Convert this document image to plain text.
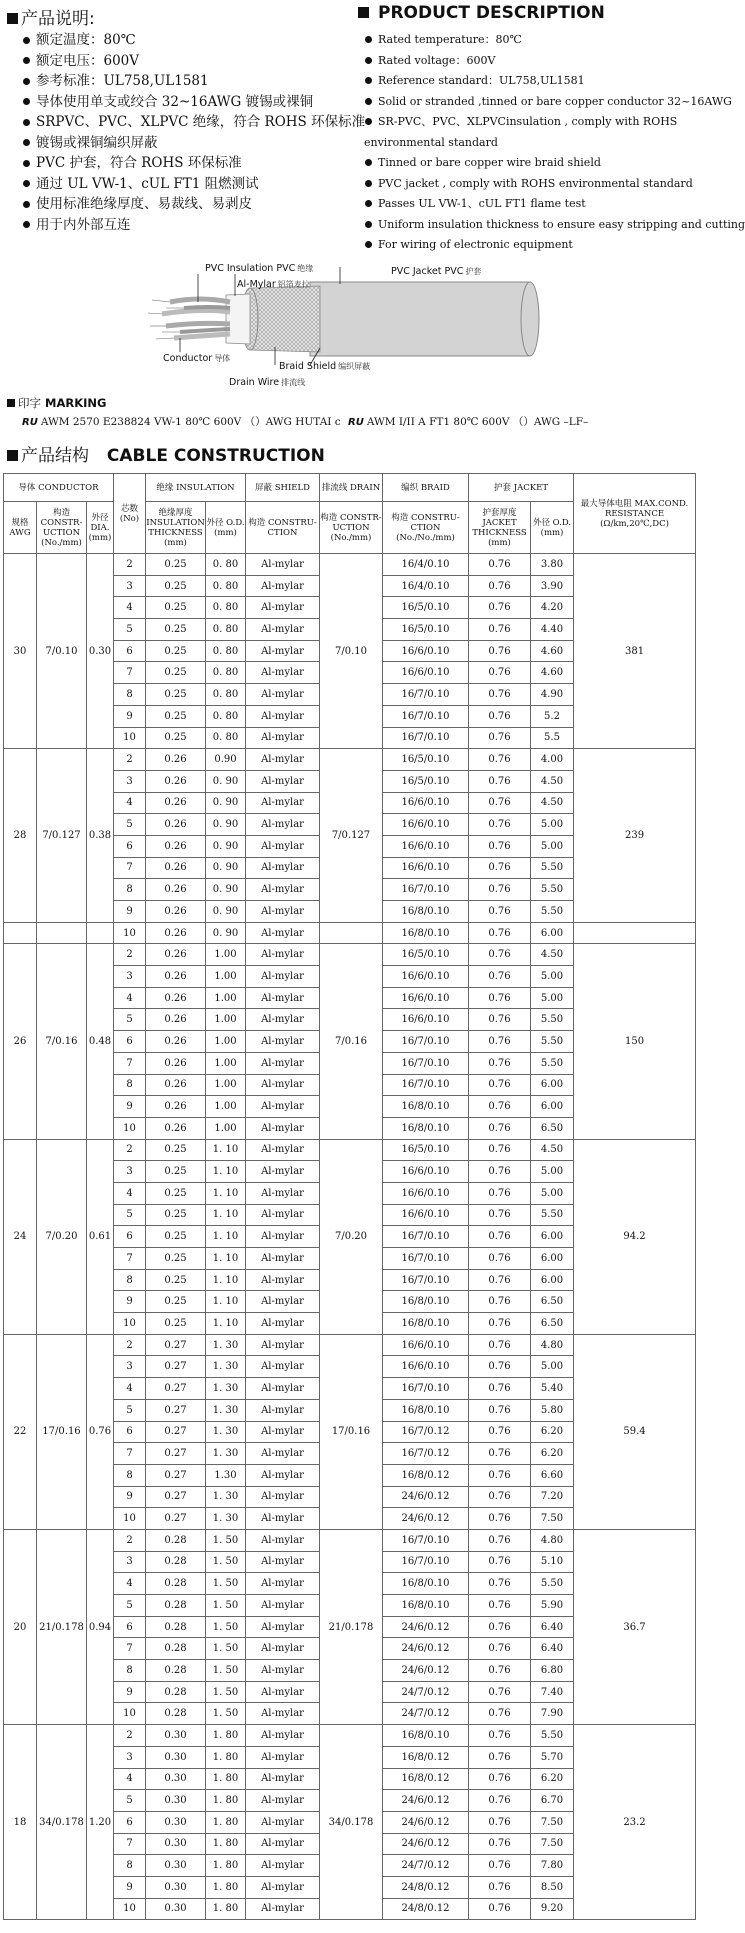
产品说明:
额定温度：80℃
额定电压：600V
参考标准：UL758,UL1581
导体使用单支或绞合 32~16AWG 镀锡或裸铜
SRPVC、PVC、XLPVC 绝缘，符合 ROHS 环保标准
镀锡或裸铜编织屏蔽
PVC 护套，符合 ROHS 环保标准
通过 UL VW-1、cUL FT1 阻燃测试
使用标准绝缘厚度、易裁线、易剥皮
用于内外部互连
PRODUCT DESCRIPTION
Rated temperature：80℃
Rated voltage：600V
Reference standard：UL758,UL1581
Solid or stranded ,tinned or bare copper conductor 32~16AWG
SR-PVC、PVC、XLPVCinsulation , comply with ROHS environmental standard
Tinned or bare copper wire braid shield
PVC jacket , comply with ROHS environmental standard
Passes UL VW-1、cUL FT1 flame test
Uniform insulation thickness to ensure easy stripping and cutting
For wiring of electronic equipment
PVC Insulation PVC 绝缘
Al-Mylar 铝箔麦拉
PVC Jacket PVC 护套
Conductor 导体
Braid Shield 编织屏蔽
Drain Wire 排流线
印字 MARKING
RU AWM 2570 E238824 VW-1 80℃ 600V （）AWG HUTAI c RU AWM I/II A FT1 80℃ 600V （）AWG –LF–
产品结构 CABLE CONSTRUCTION
导体 CONDUCTOR			芯数 (No)	绝缘 INSULATION		屏蔽 SHIELD	排流线 DRAIN	编织 BRAID	护套 JACKET		最大导体电阻 MAX.COND. RESISTANCE (Ω/km,20℃,DC)
规格 AWG	构造 CONSTR-UCTION (No./mm)	外径 DIA. (mm)		绝缘厚度 INSULATION THICKNESS (mm)	外径 O.D. (mm)	构造 CONSTRU-CTION	构造 CONSTR-UCTION (No./mm)	构造 CONSTRU-CTION (No./No./mm)	护套厚度 JACKET THICKNESS (mm)	外径 O.D. (mm)	
30	7/0.10	0.30	2	0.25	0. 80	Al-mylar	7/0.10	16/4/0.10	0.76	3.80	381
			3	0.25	0. 80	Al-mylar		16/4/0.10	0.76	3.90	
			4	0.25	0. 80	Al-mylar		16/5/0.10	0.76	4.20	
			5	0.25	0. 80	Al-mylar		16/5/0.10	0.76	4.40	
			6	0.25	0. 80	Al-mylar		16/6/0.10	0.76	4.60	
			7	0.25	0. 80	Al-mylar		16/6/0.10	0.76	4.60	
			8	0.25	0. 80	Al-mylar		16/7/0.10	0.76	4.90	
			9	0.25	0. 80	Al-mylar		16/7/0.10	0.76	5.2	
			10	0.25	0. 80	Al-mylar		16/7/0.10	0.76	5.5	
28	7/0.127	0.38	2	0.26	0.90	Al-mylar	7/0.127	16/5/0.10	0.76	4.00	239
			3	0.26	0. 90	Al-mylar		16/5/0.10	0.76	4.50	
			4	0.26	0. 90	Al-mylar		16/6/0.10	0.76	4.50	
			5	0.26	0. 90	Al-mylar		16/6/0.10	0.76	5.00	
			6	0.26	0. 90	Al-mylar		16/6/0.10	0.76	5.00	
			7	0.26	0. 90	Al-mylar		16/6/0.10	0.76	5.50	
			8	0.26	0. 90	Al-mylar		16/7/0.10	0.76	5.50	
			9	0.26	0. 90	Al-mylar		16/8/0.10	0.76	5.50	
			10	0.26	0. 90	Al-mylar		16/8/0.10	0.76	6.00	
26	7/0.16	0.48	2	0.26	1.00	Al-mylar	7/0.16	16/5/0.10	0.76	4.50	150
			3	0.26	1.00	Al-mylar		16/6/0.10	0.76	5.00	
			4	0.26	1.00	Al-mylar		16/6/0.10	0.76	5.00	
			5	0.26	1.00	Al-mylar		16/6/0.10	0.76	5.50	
			6	0.26	1.00	Al-mylar		16/7/0.10	0.76	5.50	
			7	0.26	1.00	Al-mylar		16/7/0.10	0.76	5.50	
			8	0.26	1.00	Al-mylar		16/7/0.10	0.76	6.00	
			9	0.26	1.00	Al-mylar		16/8/0.10	0.76	6.00	
			10	0.26	1.00	Al-mylar		16/8/0.10	0.76	6.50	
24	7/0.20	0.61	2	0.25	1. 10	Al-mylar	7/0.20	16/5/0.10	0.76	4.50	94.2
			3	0.25	1. 10	Al-mylar		16/6/0.10	0.76	5.00	
			4	0.25	1. 10	Al-mylar		16/6/0.10	0.76	5.00	
			5	0.25	1. 10	Al-mylar		16/6/0.10	0.76	5.50	
			6	0.25	1. 10	Al-mylar		16/7/0.10	0.76	6.00	
			7	0.25	1. 10	Al-mylar		16/7/0.10	0.76	6.00	
			8	0.25	1. 10	Al-mylar		16/7/0.10	0.76	6.00	
			9	0.25	1. 10	Al-mylar		16/8/0.10	0.76	6.50	
			10	0.25	1. 10	Al-mylar		16/8/0.10	0.76	6.50	
22	17/0.16	0.76	2	0.27	1. 30	Al-mylar	17/0.16	16/6/0.10	0.76	4.80	59.4
			3	0.27	1. 30	Al-mylar		16/6/0.10	0.76	5.00	
			4	0.27	1. 30	Al-mylar		16/7/0.10	0.76	5.40	
			5	0.27	1. 30	Al-mylar		16/8/0.10	0.76	5.80	
			6	0.27	1. 30	Al-mylar		16/7/0.12	0.76	6.20	
			7	0.27	1. 30	Al-mylar		16/7/0.12	0.76	6.20	
			8	0.27	1.30	Al-mylar		16/8/0.12	0.76	6.60	
			9	0.27	1. 30	Al-mylar		24/6/0.12	0.76	7.20	
			10	0.27	1. 30	Al-mylar		24/6/0.12	0.76	7.50	
20	21/0.178	0.94	2	0.28	1. 50	Al-mylar	21/0.178	16/7/0.10	0.76	4.80	36.7
			3	0.28	1. 50	Al-mylar		16/7/0.10	0.76	5.10	
			4	0.28	1. 50	Al-mylar		16/8/0.10	0.76	5.50	
			5	0.28	1. 50	Al-mylar		16/8/0.10	0.76	5.90	
			6	0.28	1. 50	Al-mylar		24/6/0.12	0.76	6.40	
			7	0.28	1. 50	Al-mylar		24/6/0.12	0.76	6.40	
			8	0.28	1. 50	Al-mylar		24/6/0.12	0.76	6.80	
			9	0.28	1. 50	Al-mylar		24/7/0.12	0.76	7.40	
			10	0.28	1. 50	Al-mylar		24/7/0.12	0.76	7.90	
18	34/0.178	1.20	2	0.30	1. 80	Al-mylar	34/0.178	16/8/0.10	0.76	5.50	23.2
			3	0.30	1. 80	Al-mylar		16/8/0.12	0.76	5.70	
			4	0.30	1. 80	Al-mylar		16/8/0.12	0.76	6.20	
			5	0.30	1. 80	Al-mylar		24/6/0.12	0.76	6.70	
			6	0.30	1. 80	Al-mylar		24/6/0.12	0.76	7.50	
			7	0.30	1. 80	Al-mylar		24/6/0.12	0.76	7.50	
			8	0.30	1. 80	Al-mylar		24/7/0.12	0.76	7.80	
			9	0.30	1. 80	Al-mylar		24/8/0.12	0.76	8.50	
			10	0.30	1. 80	Al-mylar		24/8/0.12	0.76	9.20	
